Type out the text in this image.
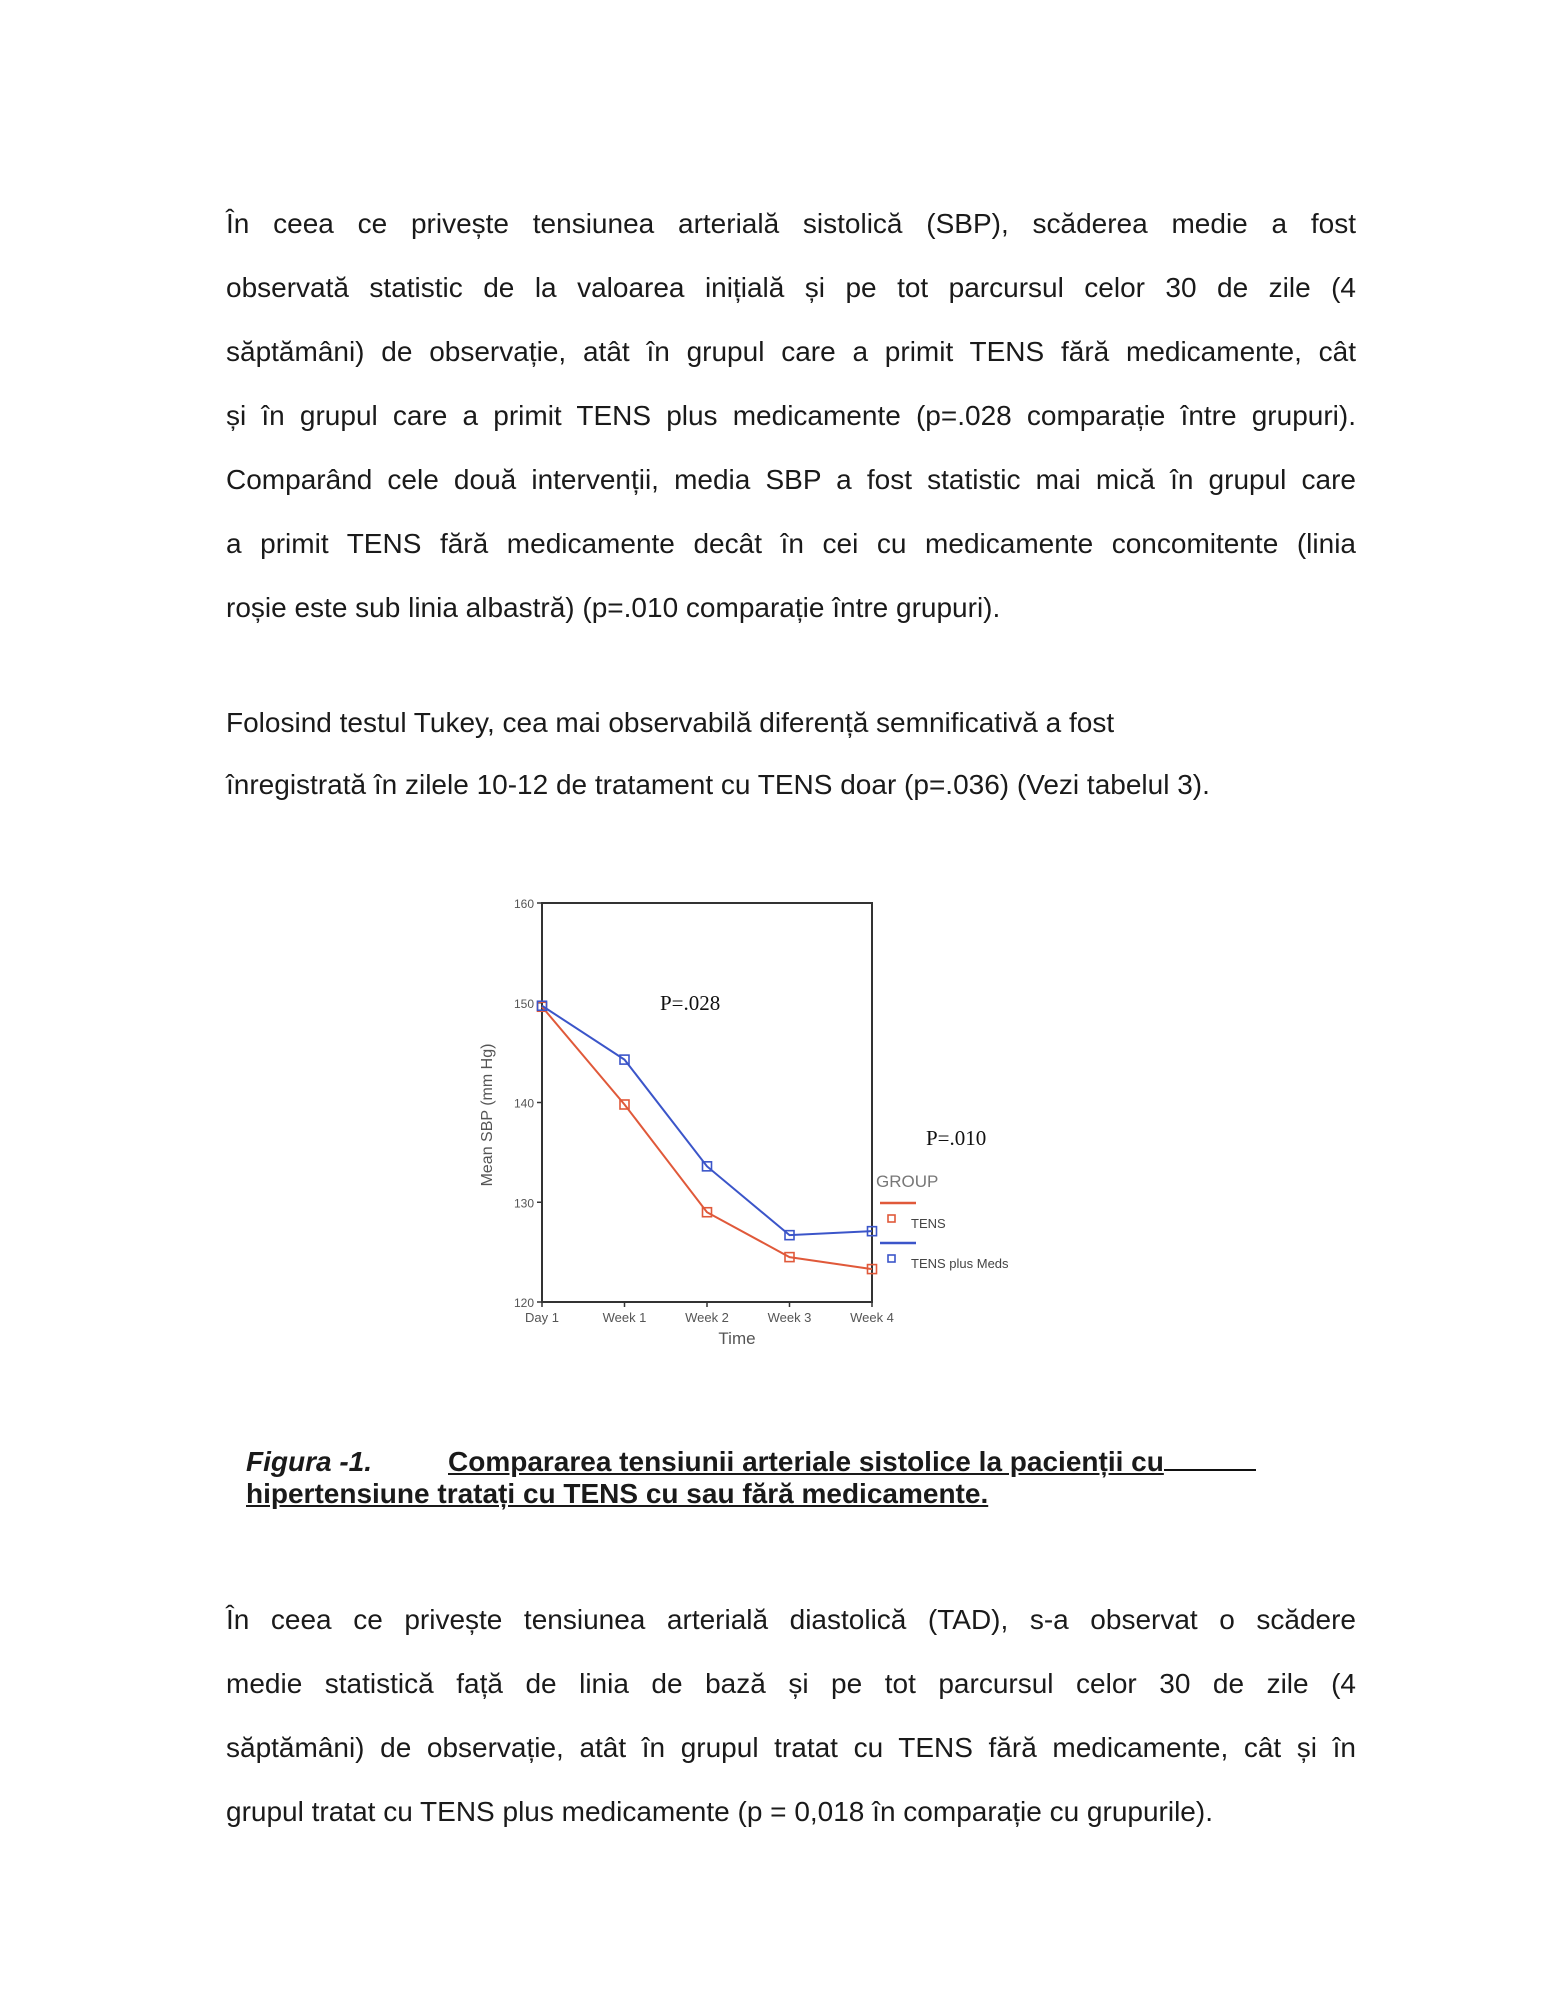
În ceea ce privește tensiunea arterială sistolică (SBP), scăderea medie a fost
observată statistic de la valoarea inițială și pe tot parcursul celor 30 de zile (4
săptămâni) de observație, atât în grupul care a primit TENS fără medicamente, cât
și în grupul care a primit TENS plus medicamente (p=.028 comparație între grupuri).
Comparând cele două intervenții, media SBP a fost statistic mai mică în grupul care
a primit TENS fără medicamente decât în cei cu medicamente concomitente (linia
roșie este sub linia albastră) (p=.010 comparație între grupuri).
Folosind testul Tukey, cea mai observabilă diferență semnificativă a fost
înregistrată în zilele 10-12 de tratament cu TENS doar (p=.036) (Vezi tabelul 3).
120
130
140
150
160
Day 1	Week 1	Week 2	Week 3	Week 4
Mean SBP (mm Hg)
Time
P=.028
P=.010
GROUP
TENS
TENS plus Meds
Figura -1.	Compararea tensiunii arteriale sistolice la pacienții cu
hipertensiune tratați cu TENS cu sau fără medicamente.
În ceea ce privește tensiunea arterială diastolică (TAD), s-a observat o scădere
medie statistică față de linia de bază și pe tot parcursul celor 30 de zile (4
săptămâni) de observație, atât în grupul tratat cu TENS fără medicamente, cât și în
grupul tratat cu TENS plus medicamente (p = 0,018 în comparație cu grupurile).
